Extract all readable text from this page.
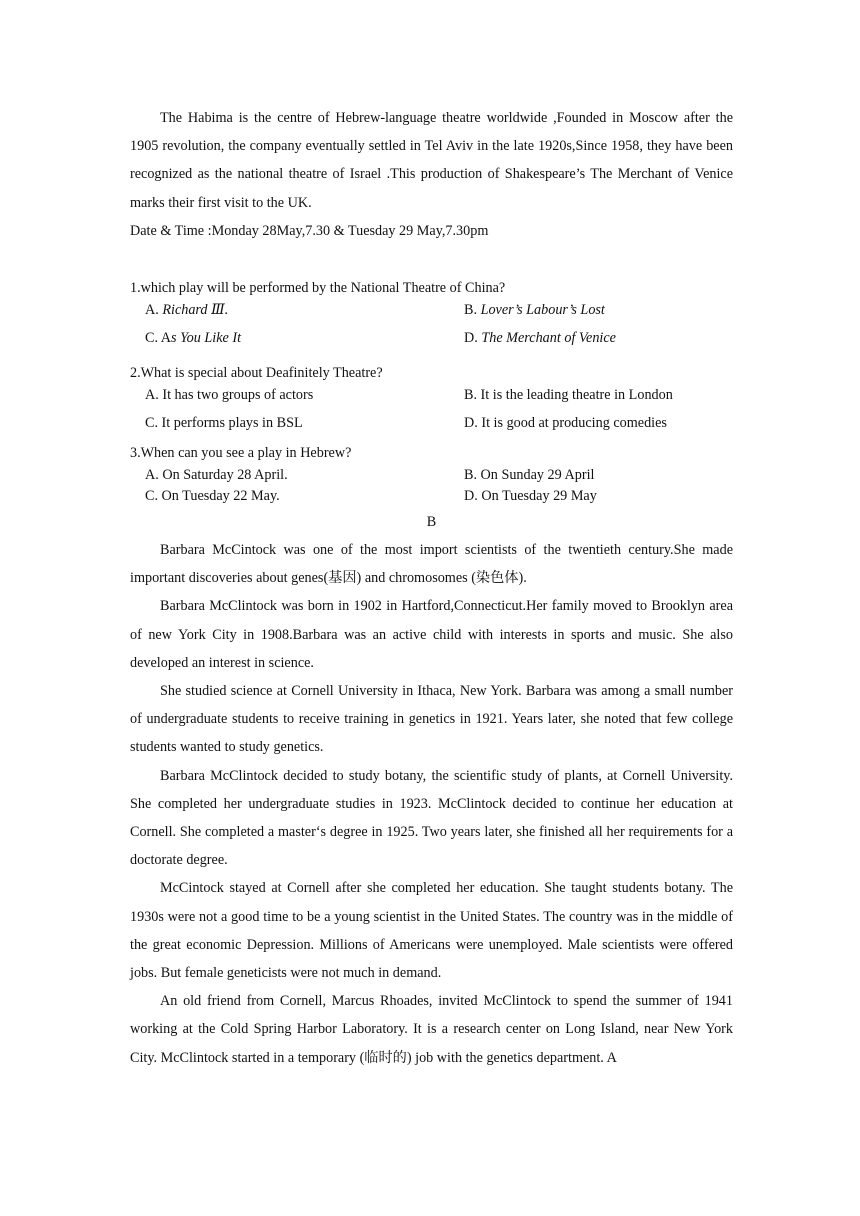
The Habima is the centre of Hebrew-language theatre worldwide ,Founded in Moscow after the 1905 revolution, the company eventually settled in Tel Aviv in the late 1920s,Since 1958, they have been recognized as the national theatre of Israel .This production of Shakespeare’s The Merchant of Venice marks their first visit to the UK.

Date & Time :Monday 28May,7.30 & Tuesday 29 May,7.30pm

1.which play will be performed by the National Theatre of China?

A. Richard Ⅲ.	B. Lover’s Labour’s Lost
C. As You Like It	D. The Merchant of Venice

2.What is special about Deafinitely Theatre?

A. It has two groups of actors	B. It is the leading theatre in London
C. It performs plays in BSL	D. It is good at producing comedies
3.When can you see a play in Hebrew?
A. On Saturday 28 April.	B. On Sunday 29 April
C. On Tuesday 22 May.	D. On Tuesday 29 May

B

Barbara McCintock was one of the most import scientists of the twentieth century.She made important discoveries about genes(基因) and chromosomes (染色体).

Barbara McClintock was born in 1902 in Hartford,Connecticut.Her family moved to Brooklyn area of new York City in 1908.Barbara was an active child with interests in sports and music. She also developed an interest in science.

She studied science at Cornell University in Ithaca, New York. Barbara was among a small number of undergraduate students to receive training in genetics in 1921. Years later, she noted that few college students wanted to study genetics.

Barbara McClintock decided to study botany, the scientific study of plants, at Cornell University. She completed her undergraduate studies in 1923. McClintock decided to continue her education at Cornell. She completed a master‘s degree in 1925. Two years later, she finished all her requirements for a doctorate degree.

McCintock stayed at Cornell after she completed her education. She taught students botany. The 1930s were not a good time to be a young scientist in the United States. The country was in the middle of the great economic Depression. Millions of Americans were unemployed. Male scientists were offered jobs. But female geneticists were not much in demand.

An old friend from Cornell, Marcus Rhoades, invited McClintock to spend the summer of 1941 working at the Cold Spring Harbor Laboratory. It is a research center on Long Island, near New York City. McClintock started in a temporary (临时的) job with the genetics department. A
